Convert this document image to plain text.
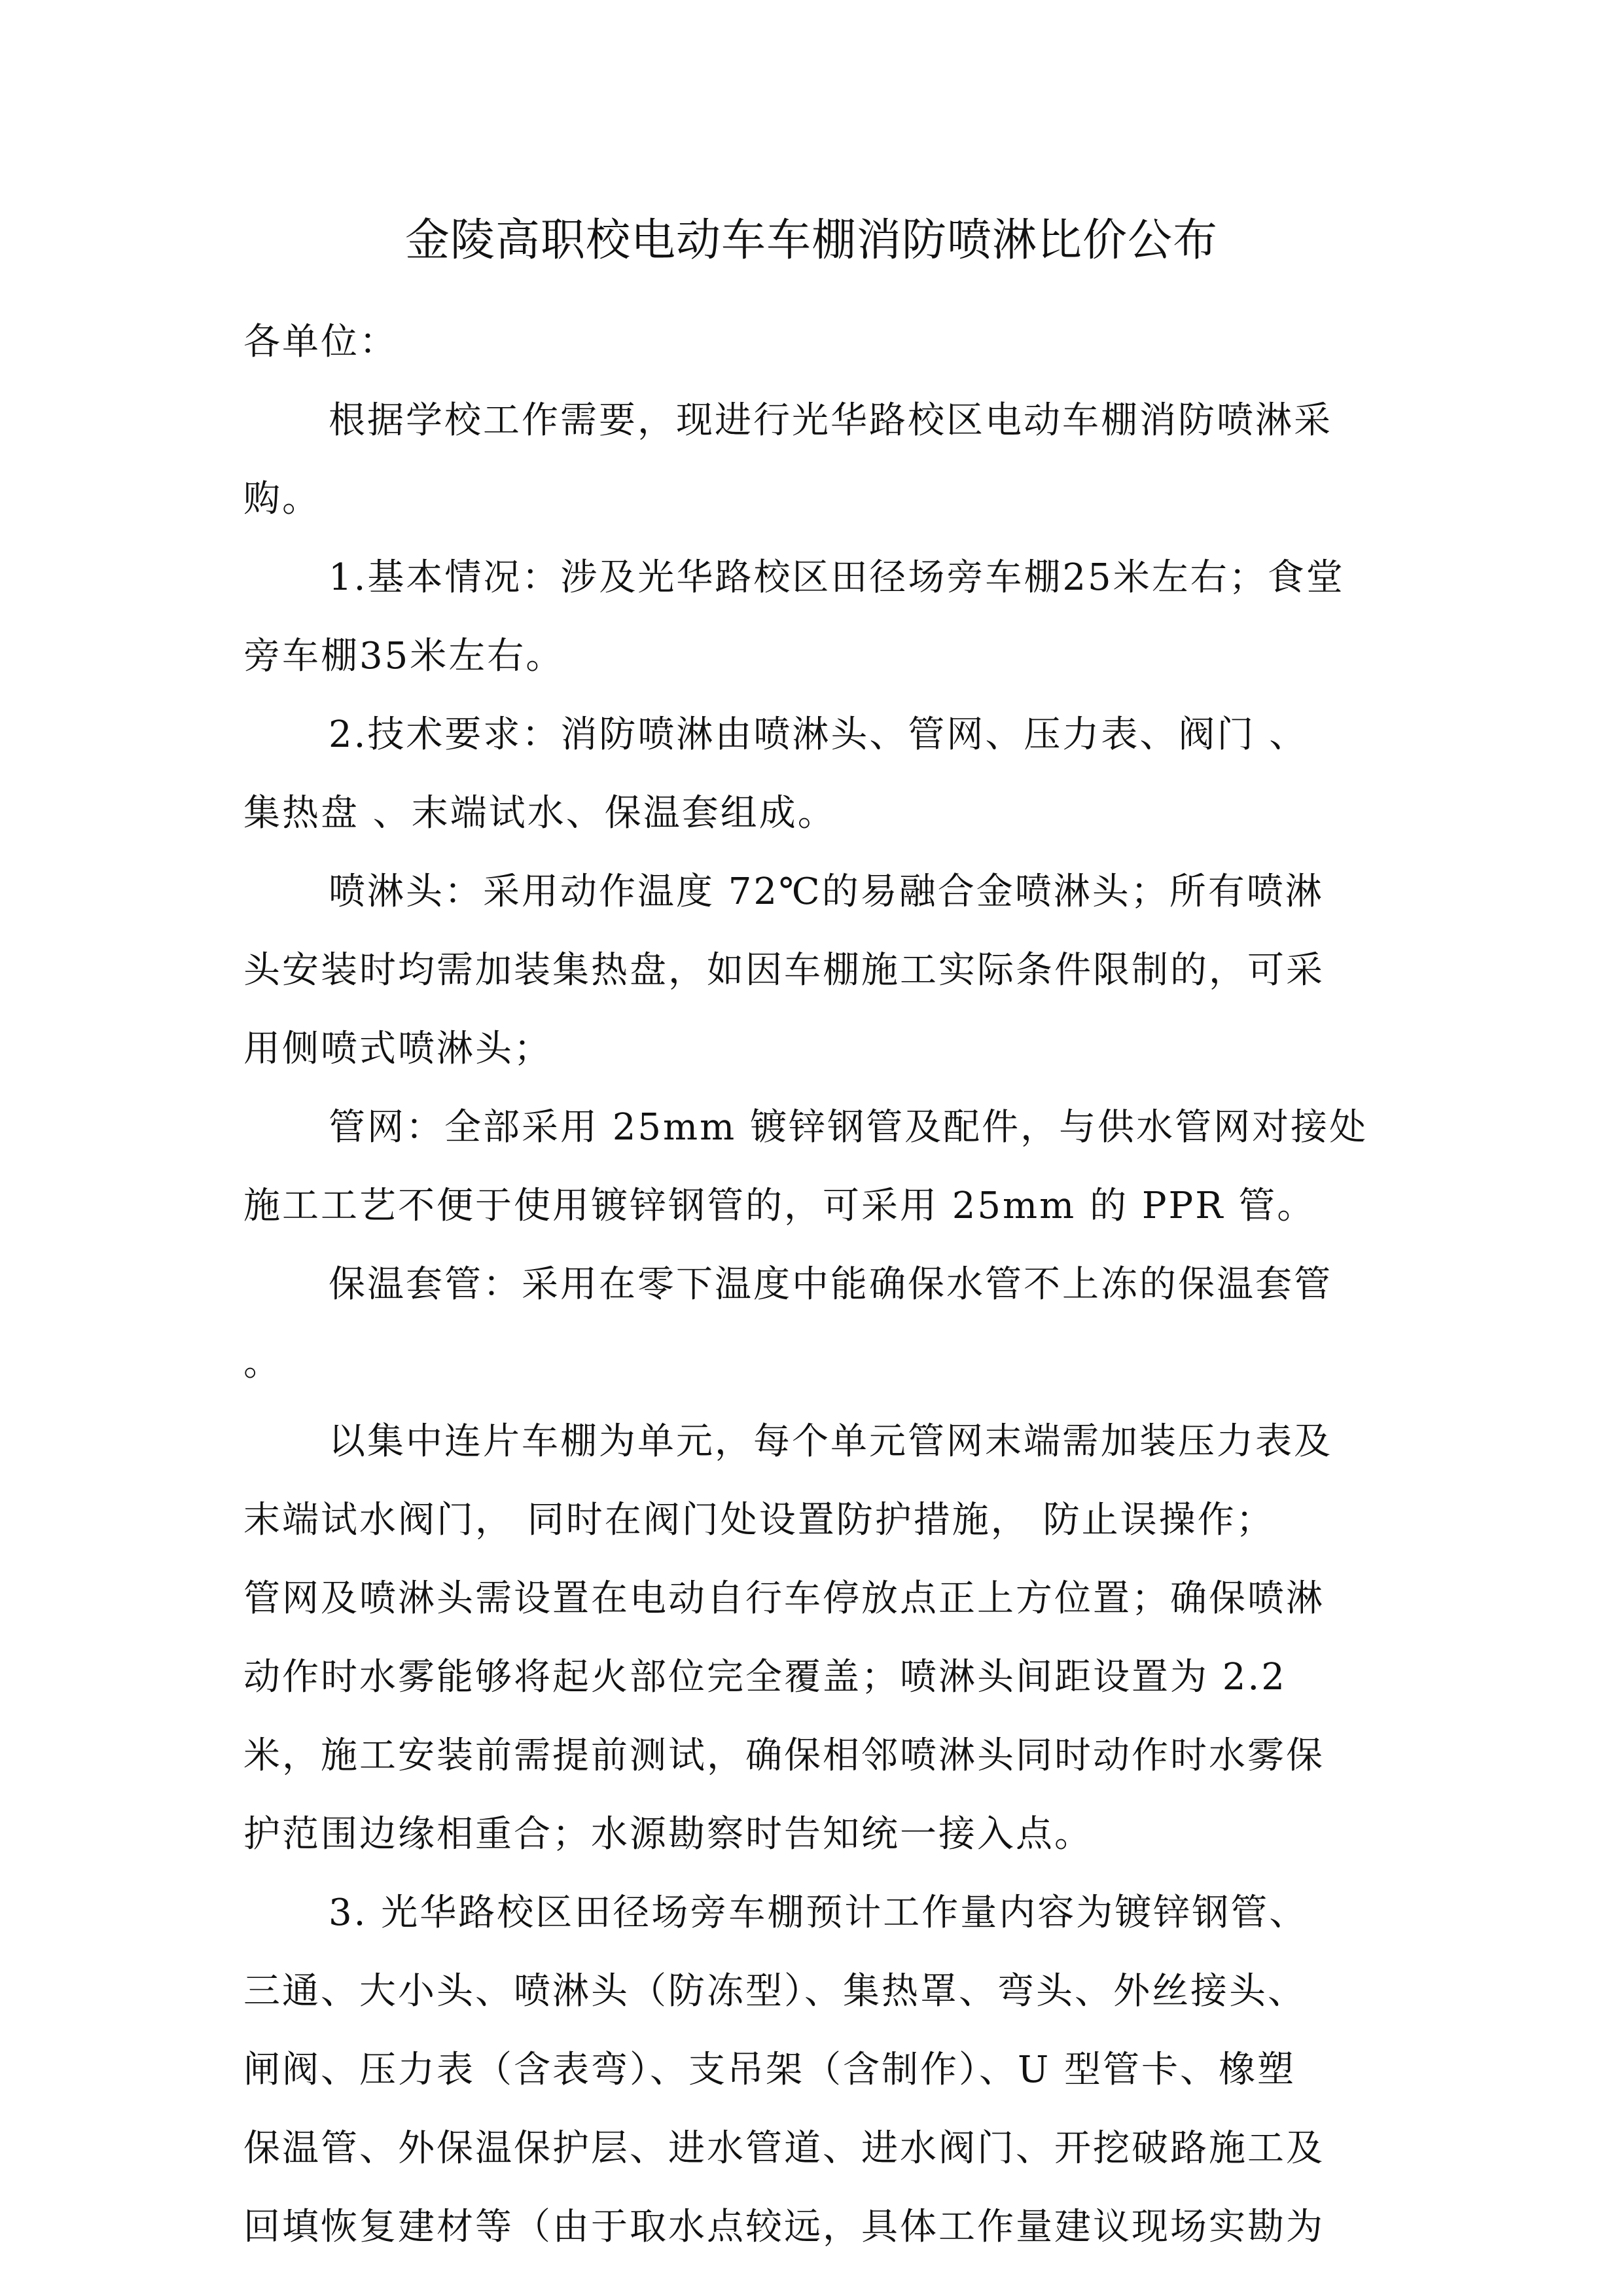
金陵高职校电动车车棚消防喷淋比价公布
各单位：
根据学校工作需要，现进行光华路校区电动车棚消防喷淋采
购。
1.基本情况：涉及光华路校区田径场旁车棚25米左右；食堂
旁车棚35米左右。
2.技术要求：消防喷淋由喷淋头、管网、压力表、阀门 、
集热盘 、末端试水、保温套组成。
喷淋头：采用动作温度 72℃的易融合金喷淋头；所有喷淋
头安装时均需加装集热盘，如因车棚施工实际条件限制的，可采
用侧喷式喷淋头；
管网：全部采用 25mm 镀锌钢管及配件，与供水管网对接处
施工工艺不便于使用镀锌钢管的，可采用 25mm 的 PPR 管。
保温套管：采用在零下温度中能确保水管不上冻的保温套管
。
以集中连片车棚为单元，每个单元管网末端需加装压力表及
末端试水阀门， 同时在阀门处设置防护措施， 防止误操作；
管网及喷淋头需设置在电动自行车停放点正上方位置；确保喷淋
动作时水雾能够将起火部位完全覆盖；喷淋头间距设置为 2.2
米，施工安装前需提前测试，确保相邻喷淋头同时动作时水雾保
护范围边缘相重合；水源勘察时告知统一接入点。
3. 光华路校区田径场旁车棚预计工作量内容为镀锌钢管、
三通、大小头、喷淋头（防冻型）、集热罩、弯头、外丝接头、
闸阀、压力表（含表弯）、支吊架（含制作）、U 型管卡、橡塑
保温管、外保温保护层、进水管道、进水阀门、开挖破路施工及
回填恢复建材等（由于取水点较远，具体工作量建议现场实勘为
